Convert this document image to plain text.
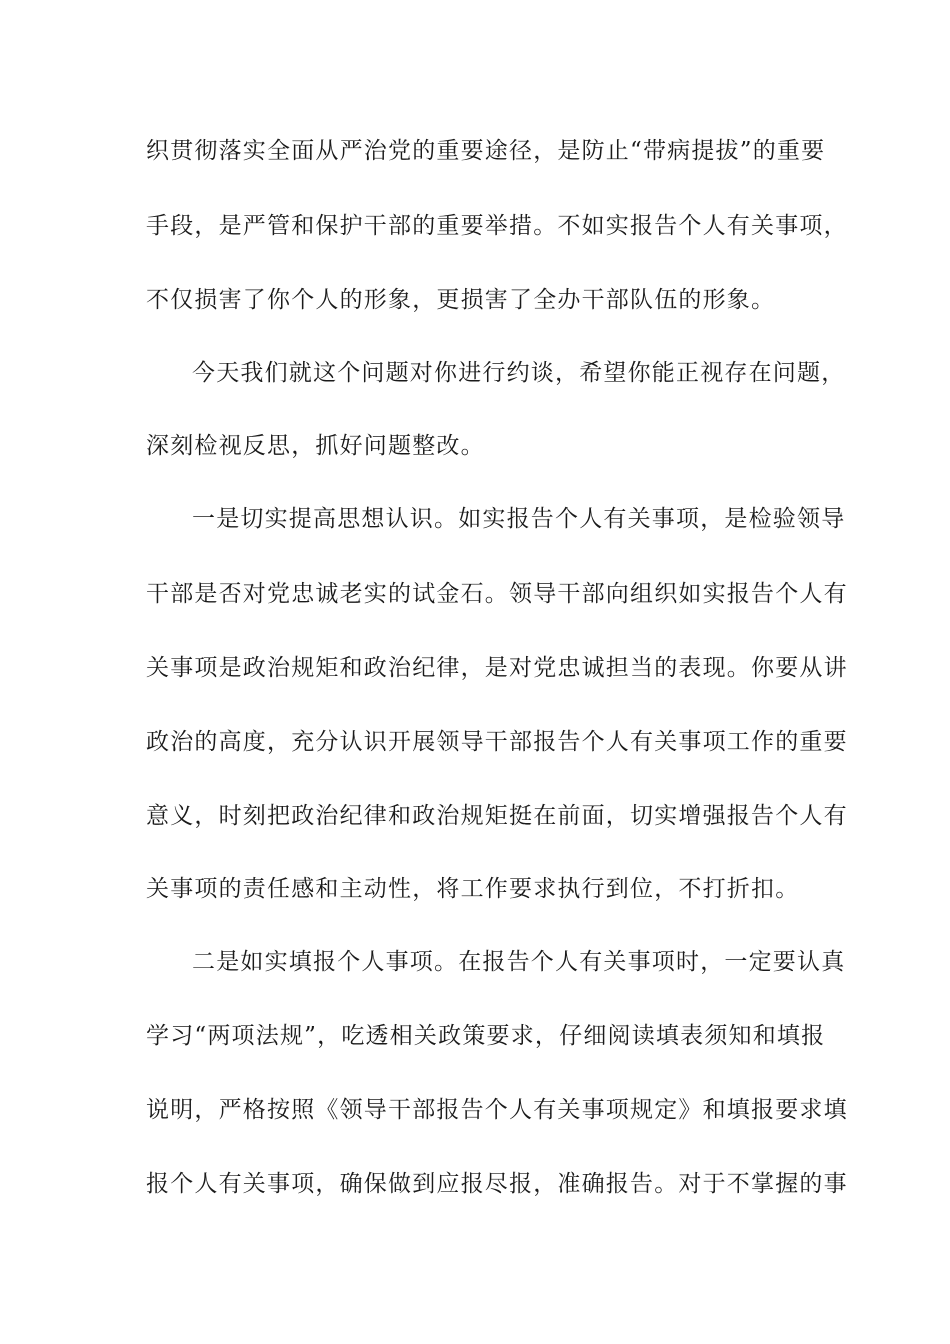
织贯彻落实全面从严治党的重要途径，是防止“带病提拔”的重要
手段，是严管和保护干部的重要举措。不如实报告个人有关事项，
不仅损害了你个人的形象，更损害了全办干部队伍的形象。
今天我们就这个问题对你进行约谈，希望你能正视存在问题，
深刻检视反思，抓好问题整改。
一是切实提高思想认识。如实报告个人有关事项，是检验领导
干部是否对党忠诚老实的试金石。领导干部向组织如实报告个人有
关事项是政治规矩和政治纪律，是对党忠诚担当的表现。你要从讲
政治的高度，充分认识开展领导干部报告个人有关事项工作的重要
意义，时刻把政治纪律和政治规矩挺在前面，切实增强报告个人有
关事项的责任感和主动性，将工作要求执行到位，不打折扣。
二是如实填报个人事项。在报告个人有关事项时，一定要认真
学习“两项法规”，吃透相关政策要求，仔细阅读填表须知和填报
说明，严格按照《领导干部报告个人有关事项规定》和填报要求填
报个人有关事项，确保做到应报尽报，准确报告。对于不掌握的事
